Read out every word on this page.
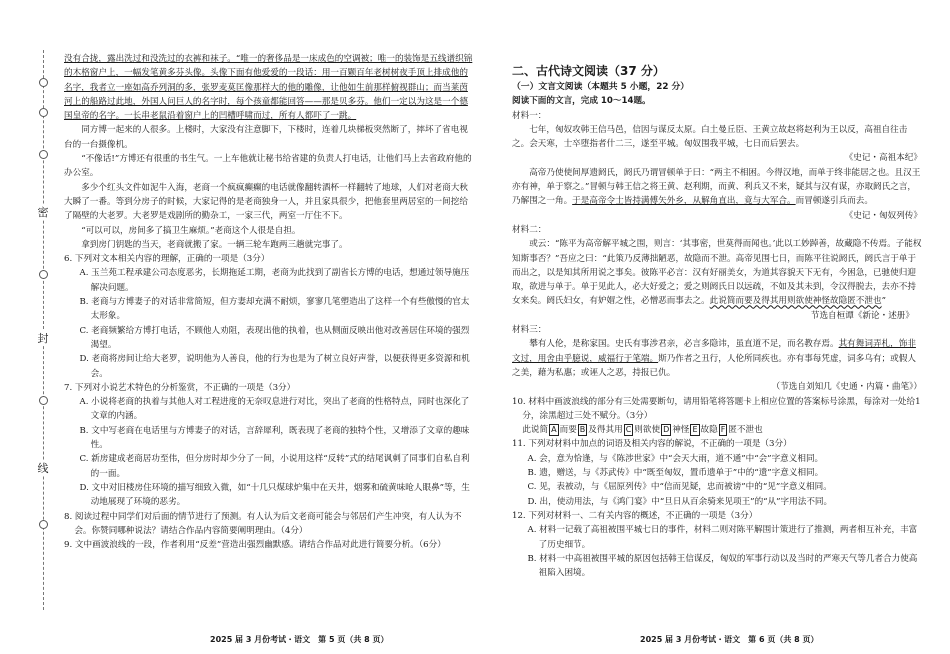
密
封
线

没有合拢，露出洗过和没洗过的衣裤和袜子。“唯一的奢侈品是一床成色的空调被；唯一的装饰是五线谱织锦的木格窗户上，一幅发笔黄多芬头像。头像下面有他爱爱的一段话：用一百颗百年老树树夜手顶上排成他的名字，我者立一座如高乔列洞的多，张罗麦莫匡像那样大的他的雕像，让他如生前那样俯视群山；而当莱茵河上的船路过此地，外国人问巨人的名字时，每个孩童都能回答——那是贝多芬。他们一定以为这是一个德国皇帝的名字。一长串老鼠沿着窗户上的凹槽呼啸而过，所有人都吓了一跳。

同方博一起来的人很多。上楼时，大家没有注意脚下，下楼时，连着几块梯板突然断了，摔坏了省电视台的一台摄像机。

“不像话!”方博还有很重的书生气。一上车他就让秘书给省建的负责人打电话，让他们马上去省政府他的办公室。

多少个红头文件如泥牛入海，老商一个疯疯癫癫的电话就像翻转酒杯一样翻转了地球，人们对老商大秋大瞬了一番。等到分房子的时候，大家记得的是老商独身一人，并且家具很少，把他套里两居室的一间挖给了隔壁的大老罗。大老罗是戏剧所的勤杂工，一家三代，两室一厅住不下。

“可以可以，房间多了搞卫生麻烦。”老商这个人很是自担。

拿到房门钥匙的当天，老商就搬了家。一辆三轮车跑两三趟就完事了。

6. 下列对文本相关内容的理解，正确的一项是（3分）

A. 玉兰苑工程承建公司态度恶劣，长期拖延工期，老商为此找到了副省长方博的电话，想通过领导施压解决问题。

B. 老商与方博妻子的对话非常简短，但方妻却充满不耐烦，寥寥几笔塑造出了这样一个有些傲慢的官太太形象。

C. 老商频繁给方博打电话，不顾他人劝阻，表现出他的执着，也从侧面反映出他对改善居住环境的强烈渴望。

D. 老商将房间让给大老罗，说明他为人善良，他的行为也是为了树立良好声誉，以便获得更多资源和机会。

7. 下列对小说艺术特色的分析鉴赏，不正确的一项是（3分）

A. 小说将老商的执着与其他人对工程进度的无奈叹息进行对比，突出了老商的性格特点，同时也深化了文章的内涵。

B. 文中写老商在电话里与方博妻子的对话，言辞犀利，既表现了老商的独特个性，又增添了文章的趣味性。

C. 新房建成老商居功至伟，但分房时却少分了一间，小说用这样“反转”式的结尾讽刺了同事们自私自利的一面。

D. 文中对旧楼房住环境的描写细致入微，如“十几只煤球炉集中在天井，烟雾和硫黄味呛人眼鼻”等，生动地展现了环境的恶劣。

8. 阅读过程中同学们对后面的情节进行了预测。有人认为后文老商可能会与邻居们产生冲突，有人认为不会。你赞同哪种说法？请结合作品内容简要阐明理由。（4分）

9. 文中画波浪线的一段，作者利用“反差”营造出强烈幽默感。请结合作品对此进行简要分析。（6分）

2025 届 3 月份考试・语文　第 5 页（共 8 页）

二、古代诗文阅读（37 分）

（一）文言文阅读（本题共 5 小题，22 分）

阅读下面的文言，完成 10～14题。

材料一：

七年，匈奴攻韩王信马邑，信因与谋反太原。白土曼丘臣、王黄立故赵将赵利为王以反，高祖自往击之。会天寒，士卒堕指者什二三，遂至平城。匈奴围我平城，七日而后罢去。

《史记・高祖本纪》

高帝乃使使间厚遗阏氏，阏氏乃谓冒顿单于曰：“两主不相困。今得汉地，而单于终非能居之也。且汉王亦有神，单于察之。”冒顿与韩王信之将王黄、赵利期，而黄、利兵又不来，疑其与汉有谋，亦取阏氏之言，乃解围之一角。于是高帝令士皆持满傅矢外乡，从解角直出，竟与大军合。而冒顿遂引兵而去。

《史记・匈奴列传》

材料二：

或云：“陈平为高帝解平城之围，则言：‘其事密，世莫得而闻也。’此以工妙踔善，故藏隐不传焉。子能权知斯事否？”吾应之曰：“此策乃反薄拙陋恶，故隐而不泄。高帝见围七日，而陈平往说阏氏，阏氏言于单于而出之，以是知其所用说之事矣。彼陈平必言：汉有好丽美女，为道其容貌天下无有，今困急，已驰使归迎取，欲进与单于。单于见此人，必大好爱之；爱之则阏氏日以远疏，不如及其未到，令汉得脱去，去亦不持女来矣。阏氏妇女，有妒媢之性，必憎恶而事去之。此说简而要及得其用则欲使神怪故隐匿不泄也”

节选自桓谭《新论・述册》

材料三：

攀有人伦，是称家国。史氏有事涉君亲，必言多隐讳，虽直道不足，而名教存焉。其有舞词弄札，饰非文过，用舍由乎臆说，威福行于笔端。斯乃作者之丑行，人伦所同疾也。亦有事每凭虚，词多乌有；或假人之美，藉为私惠；或诬人之恶，持报已仇。

（节选自刘知几《史通・内篇・曲笔》）

10. 材料中画波浪线的部分有三处需要断句，请用铅笔将答题卡上相应位置的答案标号涂黑，每涂对一处给1 分，涂黑超过三处不赋分。（3分）

此说简 A 而要 B 及得其用 C 则欲使 D 神怪 E 故隐 F 匿不泄也

11. 下列对材料中加点的词语及相关内容的解说，不正确的一项是（3分）

A. 会，意为恰逢，与《陈涉世家》中“会天大雨，道不通”中“会”字意义相同。

B. 遗，赠送，与《苏武传》中“既至匈奴，置币遗单于”中的“遗”字意义相同。

C. 见，表被动，与《屈原列传》中“信而见疑，忠而被谤”中的“见”字意义相同。

D. 出，使动用法，与《鸿门宴》中“旦日从百余骑来见项王”的“从”字用法不同。

12. 下列对材料一、二有关内容的概述，不正确的一项是（3分）

A. 材料一记载了高祖被围平城七日的事件，材料二则对陈平解围计策进行了推测，两者相互补充，丰富了历史细节。

B. 材料一中高祖被围平城的原因包括韩王信谋反，匈奴的军事行动以及当时的严寒天气等几者合力使高祖陷入困境。

2025 届 3 月份考试・语文　第 6 页（共 8 页）
